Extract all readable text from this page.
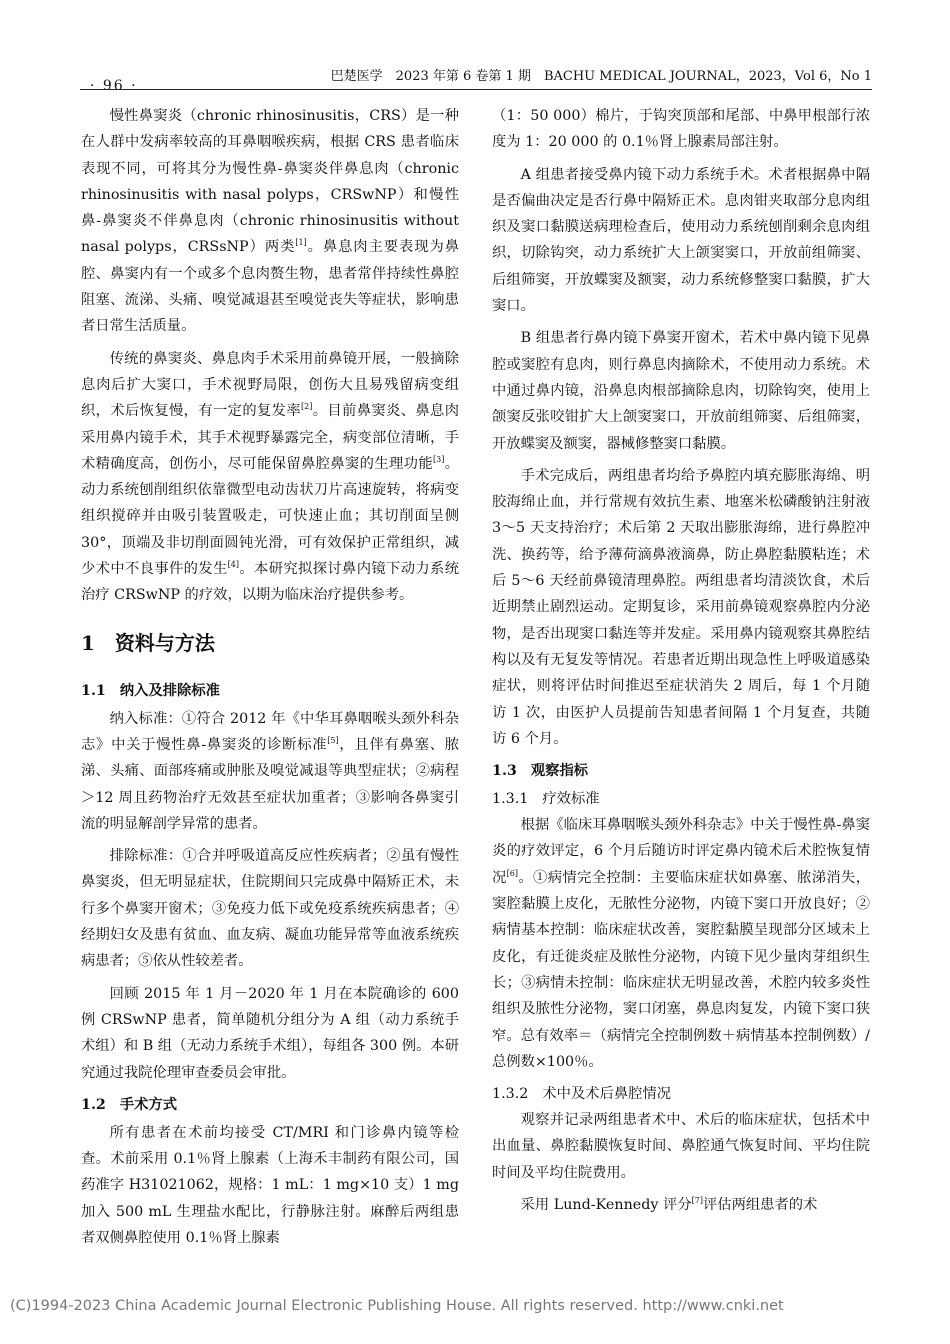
· 96 ·
巴楚医学　2023 年第 6 卷第 1 期　BACHU MEDICAL JOURNAL，2023，Vol 6，No 1

慢性鼻窦炎（chronic rhinosinusitis，CRS）是一种在人群中发病率较高的耳鼻咽喉疾病，根据 CRS 患者临床表现不同，可将其分为慢性鼻-鼻窦炎伴鼻息肉（chronic rhinosinusitis with nasal polyps，CRSwNP）和慢性鼻-鼻窦炎不伴鼻息肉（chronic rhinosinusitis without nasal polyps，CRSsNP）两类[1]。鼻息肉主要表现为鼻腔、鼻窦内有一个或多个息肉赘生物，患者常伴持续性鼻腔阻塞、流涕、头痛、嗅觉减退甚至嗅觉丧失等症状，影响患者日常生活质量。

传统的鼻窦炎、鼻息肉手术采用前鼻镜开展，一般摘除息肉后扩大窦口，手术视野局限，创伤大且易残留病变组织，术后恢复慢，有一定的复发率[2]。目前鼻窦炎、鼻息肉采用鼻内镜手术，其手术视野暴露完全，病变部位清晰，手术精确度高，创伤小，尽可能保留鼻腔鼻窦的生理功能[3]。动力系统刨削组织依靠微型电动齿状刀片高速旋转，将病变组织搅碎并由吸引装置吸走，可快速止血；其切削面呈侧 30°，顶端及非切削面圆钝光滑，可有效保护正常组织，减少术中不良事件的发生[4]。本研究拟探讨鼻内镜下动力系统治疗 CRSwNP 的疗效，以期为临床治疗提供参考。

1 资料与方法
1.1 纳入及排除标准

纳入标准：①符合 2012 年《中华耳鼻咽喉头颈外科杂志》中关于慢性鼻-鼻窦炎的诊断标准[5]，且伴有鼻塞、脓涕、头痛、面部疼痛或肿胀及嗅觉减退等典型症状；②病程＞12 周且药物治疗无效甚至症状加重者；③影响各鼻窦引流的明显解剖学异常的患者。

排除标准：①合并呼吸道高反应性疾病者；②虽有慢性鼻窦炎，但无明显症状，住院期间只完成鼻中隔矫正术，未行多个鼻窦开窗术；③免疫力低下或免疫系统疾病患者；④经期妇女及患有贫血、血友病、凝血功能异常等血液系统疾病患者；⑤依从性较差者。

回顾 2015 年 1 月－2020 年 1 月在本院确诊的 600 例 CRSwNP 患者，简单随机分组分为 A 组（动力系统手术组）和 B 组（无动力系统手术组），每组各 300 例。本研究通过我院伦理审查委员会审批。

1.2 手术方式

所有患者在术前均接受 CT/MRI 和门诊鼻内镜等检查。术前采用 0.1％肾上腺素（上海禾丰制药有限公司，国药准字 H31021062，规格：1 mL：1 mg×10 支）1 mg 加入 500 mL 生理盐水配比，行静脉注射。麻醉后两组患者双侧鼻腔使用 0.1％肾上腺素

（1：50 000）棉片，于钩突顶部和尾部、中鼻甲根部行浓度为 1：20 000 的 0.1％肾上腺素局部注射。

A 组患者接受鼻内镜下动力系统手术。术者根据鼻中隔是否偏曲决定是否行鼻中隔矫正术。息肉钳夹取部分息肉组织及窦口黏膜送病理检查后，使用动力系统刨削剩余息肉组织，切除钩突，动力系统扩大上颌窦窦口，开放前组筛窦、后组筛窦，开放蝶窦及额窦，动力系统修整窦口黏膜，扩大窦口。

B 组患者行鼻内镜下鼻窦开窗术，若术中鼻内镜下见鼻腔或窦腔有息肉，则行鼻息肉摘除术，不使用动力系统。术中通过鼻内镜，沿鼻息肉根部摘除息肉，切除钩突，使用上颌窦反张咬钳扩大上颌窦窦口，开放前组筛窦、后组筛窦，开放蝶窦及额窦，器械修整窦口黏膜。

手术完成后，两组患者均给予鼻腔内填充膨胀海绵、明胶海绵止血，并行常规有效抗生素、地塞米松磷酸钠注射液 3～5 天支持治疗；术后第 2 天取出膨胀海绵，进行鼻腔冲洗、换药等，给予薄荷滴鼻液滴鼻，防止鼻腔黏膜粘连；术后 5～6 天经前鼻镜清理鼻腔。两组患者均清淡饮食，术后近期禁止剧烈运动。定期复诊，采用前鼻镜观察鼻腔内分泌物，是否出现窦口黏连等并发症。采用鼻内镜观察其鼻腔结构以及有无复发等情况。若患者近期出现急性上呼吸道感染症状，则将评估时间推迟至症状消失 2 周后，每 1 个月随访 1 次，由医护人员提前告知患者间隔 1 个月复查，共随访 6 个月。

1.3 观察指标
1.3.1 疗效标准

根据《临床耳鼻咽喉头颈外科杂志》中关于慢性鼻-鼻窦炎的疗效评定，6 个月后随访时评定鼻内镜术后术腔恢复情况[6]。①病情完全控制：主要临床症状如鼻塞、脓涕消失，窦腔黏膜上皮化，无脓性分泌物，内镜下窦口开放良好；②病情基本控制：临床症状改善，窦腔黏膜呈现部分区域未上皮化，有迁徙炎症及脓性分泌物，内镜下见少量肉芽组织生长；③病情未控制：临床症状无明显改善，术腔内较多炎性组织及脓性分泌物，窦口闭塞，鼻息肉复发，内镜下窦口狭窄。总有效率＝（病情完全控制例数＋病情基本控制例数）/总例数×100％。

1.3.2 术中及术后鼻腔情况

观察并记录两组患者术中、术后的临床症状，包括术中出血量、鼻腔黏膜恢复时间、鼻腔通气恢复时间、平均住院时间及平均住院费用。

采用 Lund-Kennedy 评分[7]评估两组患者的术

(C)1994-2023 China Academic Journal Electronic Publishing House. All rights reserved. http://www.cnki.net
